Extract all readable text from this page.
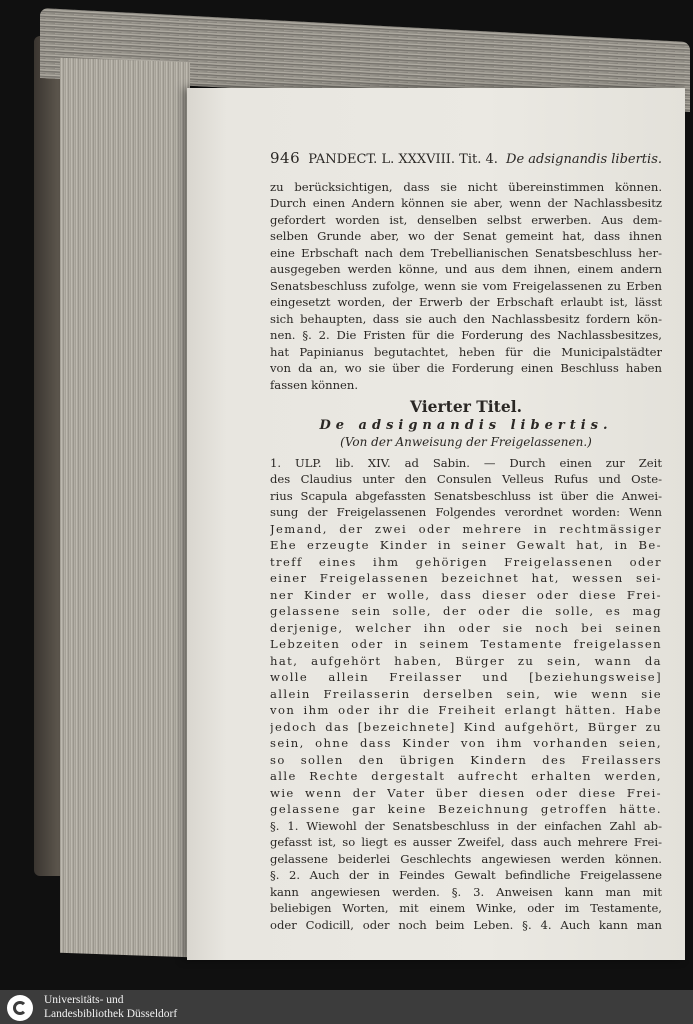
946 PANDECT. L. XXXVIII. Tit. 4. De adsignandis libertis.
zu berücksichtigen, dass sie nicht übereinstimmen können.
Durch einen Andern können sie aber, wenn der Nachlassbesitz
gefordert worden ist, denselben selbst erwerben. Aus dem-
selben Grunde aber, wo der Senat gemeint hat, dass ihnen
eine Erbschaft nach dem Trebellianischen Senatsbeschluss her-
ausgegeben werden könne, und aus dem ihnen, einem andern
Senatsbeschluss zufolge, wenn sie vom Freigelassenen zu Erben
eingesetzt worden, der Erwerb der Erbschaft erlaubt ist, lässt
sich behaupten, dass sie auch den Nachlassbesitz fordern kön-
nen. §. 2. Die Fristen für die Forderung des Nachlassbesitzes,
hat Papinianus begutachtet, heben für die Municipalstädter
von da an, wo sie über die Forderung einen Beschluss haben
fassen können.
Vierter Titel.
De adsignandis libertis.
(Von der Anweisung der Freigelassenen.)
1. ULP. lib. XIV. ad Sabin. — Durch einen zur Zeit
des Claudius unter den Consulen Velleus Rufus und Oste-
rius Scapula abgefassten Senatsbeschluss ist über die Anwei-
sung der Freigelassenen Folgendes verordnet worden: Wenn
Jemand, der zwei oder mehrere in rechtmässiger
Ehe erzeugte Kinder in seiner Gewalt hat, in Be-
treff eines ihm gehörigen Freigelassenen oder
einer Freigelassenen bezeichnet hat, wessen sei-
ner Kinder er wolle, dass dieser oder diese Frei-
gelassene sein solle, der oder die solle, es mag
derjenige, welcher ihn oder sie noch bei seinen
Lebzeiten oder in seinem Testamente freigelassen
hat, aufgehört haben, Bürger zu sein, wann da
wolle allein Freilasser und [beziehungsweise]
allein Freilasserin derselben sein, wie wenn sie
von ihm oder ihr die Freiheit erlangt hätten. Habe
jedoch das [bezeichnete] Kind aufgehört, Bürger zu
sein, ohne dass Kinder von ihm vorhanden seien,
so sollen den übrigen Kindern des Freilassers
alle Rechte dergestalt aufrecht erhalten werden,
wie wenn der Vater über diesen oder diese Frei-
gelassene gar keine Bezeichnung getroffen hätte.
§. 1. Wiewohl der Senatsbeschluss in der einfachen Zahl ab-
gefasst ist, so liegt es ausser Zweifel, dass auch mehrere Frei-
gelassene beiderlei Geschlechts angewiesen werden können.
§. 2. Auch der in Feindes Gewalt befindliche Freigelassene
kann angewiesen werden. §. 3. Anweisen kann man mit
beliebigen Worten, mit einem Winke, oder im Testamente,
oder Codicill, oder noch beim Leben. §. 4. Auch kann man
Universitäts- und
Landesbibliothek Düsseldorf
